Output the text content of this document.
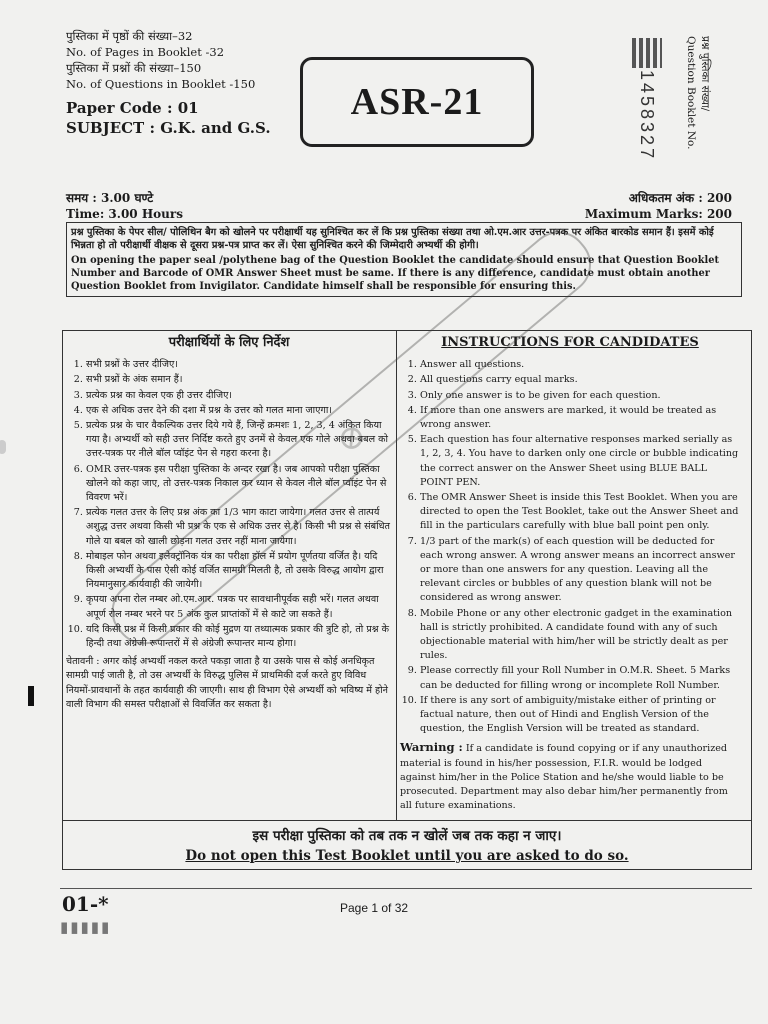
पुस्तिका में पृष्ठों की संख्या–32
No. of Pages in Booklet -32
पुस्तिका में प्रश्नों की संख्या–150
No. of Questions in Booklet -150
Paper Code : 01
SUBJECT : G.K. and G.S.
ASR-21	1458327	प्रश्न पुस्तिका संख्या/
Question Booklet No.
समय : 3.00 घण्टे
Time: 3.00 Hours
अधिकतम अंक : 200
Maximum Marks: 200
प्रश्न पुस्तिका के पेपर सील/ पोलिथिन बैग को खोलने पर परीक्षार्थी यह सुनिश्चित कर लें कि प्रश्न पुस्तिका संख्या तथा ओ.एम.आर उत्तर-पत्रक पर अंकित बारकोड समान हैं। इसमें कोई भिन्नता हो तो परीक्षार्थी वीक्षक से दूसरा प्रश्न-पत्र प्राप्त कर लें। ऐसा सुनिश्चित करने की जिम्मेदारी अभ्यर्थी की होगी।
On opening the paper seal /polythene bag of the Question Booklet the candidate should ensure that Question Booklet Number and Barcode of OMR Answer Sheet must be same. If there is any difference, candidate must obtain another Question Booklet from Invigilator. Candidate himself shall be responsible for ensuring this.
परीक्षार्थियों के लिए निर्देश
1. सभी प्रश्नों के उत्तर दीजिए।
2. सभी प्रश्नों के अंक समान हैं।
3. प्रत्येक प्रश्न का केवल एक ही उत्तर दीजिए।
4. एक से अधिक उत्तर देने की दशा में प्रश्न के उत्तर को गलत माना जाएगा।
5. प्रत्येक प्रश्न के चार वैकल्पिक उत्तर दिये गये हैं, जिन्हें क्रमशः 1, 2, 3, 4 अंकित किया गया है। अभ्यर्थी को सही उत्तर निर्दिष्ट करते हुए उनमें से केवल एक गोले अथवा बबल को उत्तर-पत्रक पर नीले बॉल प्वॉइंट पेन से गहरा करना है।
6. OMR उत्तर-पत्रक इस परीक्षा पुस्तिका के अन्दर रखा है। जब आपको परीक्षा पुस्तिका खोलने को कहा जाए, तो उत्तर-पत्रक निकाल कर ध्यान से केवल नीले बॉल प्वॉइंट पेन से विवरण भरें।
7. प्रत्येक गलत उत्तर के लिए प्रश्न अंक का 1/3 भाग काटा जायेगा। गलत उत्तर से तात्पर्य अशुद्ध उत्तर अथवा किसी भी प्रश्न के एक से अधिक उत्तर से है। किसी भी प्रश्न से संबंधित गोले या बबल को खाली छोड़ना गलत उत्तर नहीं माना जायेगा।
8. मोबाइल फोन अथवा इलेक्ट्रॉनिक यंत्र का परीक्षा हॉल में प्रयोग पूर्णतया वर्जित है। यदि किसी अभ्यर्थी के पास ऐसी कोई वर्जित सामग्री मिलती है, तो उसके विरुद्ध आयोग द्वारा नियमानुसार कार्यवाही की जायेगी।
9. कृपया अपना रोल नम्बर ओ.एम.आर. पत्रक पर सावधानीपूर्वक सही भरें। गलत अथवा अपूर्ण रोल नम्बर भरने पर 5 अंक कुल प्राप्तांकों में से काटे जा सकते हैं।
10. यदि किसी प्रश्न में किसी प्रकार की कोई मुद्रण या तथ्यात्मक प्रकार की त्रुटि हो, तो प्रश्न के हिन्दी तथा अंग्रेजी रूपान्तरों में से अंग्रेजी रूपान्तर मान्य होगा।
चेतावनी : अगर कोई अभ्यर्थी नकल करते पकड़ा जाता है या उसके पास से कोई अनधिकृत सामग्री पाई जाती है, तो उस अभ्यर्थी के विरुद्ध पुलिस में प्राथमिकी दर्ज करते हुए विविध नियमों-प्रावधानों के तहत कार्यवाही की जाएगी। साथ ही विभाग ऐसे अभ्यर्थी को भविष्य में होने वाली विभाग की समस्त परीक्षाओं से विवर्जित कर सकता है।
INSTRUCTIONS FOR CANDIDATES
1. Answer all questions.
2. All questions carry equal marks.
3. Only one answer is to be given for each question.
4. If more than one answers are marked, it would be treated as wrong answer.
5. Each question has four alternative responses marked serially as 1, 2, 3, 4. You have to darken only one circle or bubble indicating the correct answer on the Answer Sheet using BLUE BALL POINT PEN.
6. The OMR Answer Sheet is inside this Test Booklet. When you are directed to open the Test Booklet, take out the Answer Sheet and fill in the particulars carefully with blue ball point pen only.
7. 1/3 part of the mark(s) of each question will be deducted for each wrong answer. A wrong answer means an incorrect answer or more than one answers for any question. Leaving all the relevant circles or bubbles of any question blank will not be considered as wrong answer.
8. Mobile Phone or any other electronic gadget in the examination hall is strictly prohibited. A candidate found with any of such objectionable material with him/her will be strictly dealt as per rules.
9. Please correctly fill your Roll Number in O.M.R. Sheet. 5 Marks can be deducted for filling wrong or incomplete Roll Number.
10. If there is any sort of ambiguity/mistake either of printing or factual nature, then out of Hindi and English Version of the question, the English Version will be treated as standard.
Warning : If a candidate is found copying or if any unauthorized material is found in his/her possession, F.I.R. would be lodged against him/her in the Police Station and he/she would liable to be prosecuted. Department may also debar him/her permanently from all future examinations.
इस परीक्षा पुस्तिका को तब तक न खोलें जब तक कहा न जाए।
Do not open this Test Booklet until you are asked to do so.
⊗
01-*	Page 1 of 32
▮▮▮▮▮
